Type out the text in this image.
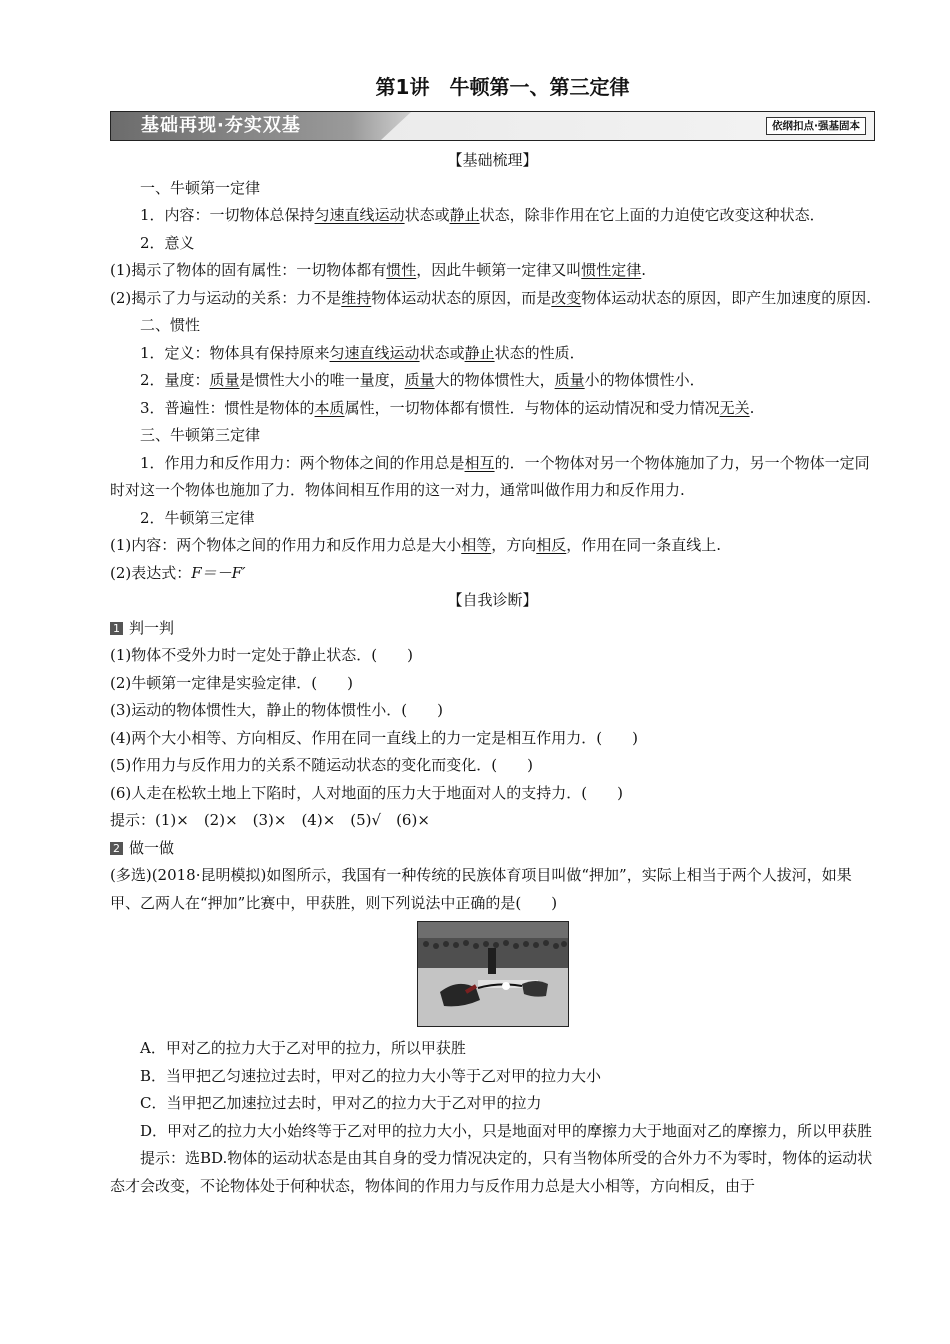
第1讲　牛顿第一、第三定律
基础再现·夯实双基	依纲扣点·强基固本

【基础梳理】

一、牛顿第一定律

1．内容：一切物体总保持匀速直线运动状态或静止状态，除非作用在它上面的力迫使它改变这种状态．

2．意义

(1)揭示了物体的固有属性：一切物体都有惯性，因此牛顿第一定律又叫惯性定律.

(2)揭示了力与运动的关系：力不是维持物体运动状态的原因，而是改变物体运动状态的原因，即产生加速度的原因.

二、惯性

1．定义：物体具有保持原来匀速直线运动状态或静止状态的性质．

2．量度：质量是惯性大小的唯一量度，质量大的物体惯性大，质量小的物体惯性小．

3．普遍性：惯性是物体的本质属性，一切物体都有惯性．与物体的运动情况和受力情况无关.

三、牛顿第三定律

1．作用力和反作用力：两个物体之间的作用总是相互的．一个物体对另一个物体施加了力，另一个物体一定同时对这一个物体也施加了力．物体间相互作用的这一对力，通常叫做作用力和反作用力.

2．牛顿第三定律

(1)内容：两个物体之间的作用力和反作用力总是大小相等，方向相反，作用在同一条直线上.

(2)表达式：F＝－F′

【自我诊断】

1 判一判

(1)物体不受外力时一定处于静止状态．(　　)

(2)牛顿第一定律是实验定律．(　　)

(3)运动的物体惯性大，静止的物体惯性小．(　　)

(4)两个大小相等、方向相反、作用在同一直线上的力一定是相互作用力．(　　)

(5)作用力与反作用力的关系不随运动状态的变化而变化．(　　)

(6)人走在松软土地上下陷时，人对地面的压力大于地面对人的支持力．(　　)

提示：(1)×　(2)×　(3)×　(4)×　(5)√　(6)×

2 做一做

(多选)(2018·昆明模拟)如图所示，我国有一种传统的民族体育项目叫做“押加”，实际上相当于两个人拔河，如果甲、乙两人在“押加”比赛中，甲获胜，则下列说法中正确的是(　　)

A．甲对乙的拉力大于乙对甲的拉力，所以甲获胜

B．当甲把乙匀速拉过去时，甲对乙的拉力大小等于乙对甲的拉力大小

C．当甲把乙加速拉过去时，甲对乙的拉力大于乙对甲的拉力

D．甲对乙的拉力大小始终等于乙对甲的拉力大小，只是地面对甲的摩擦力大于地面对乙的摩擦力，所以甲获胜

提示：选BD.物体的运动状态是由其自身的受力情况决定的，只有当物体所受的合外力不为零时，物体的运动状态才会改变，不论物体处于何种状态，物体间的作用力与反作用力总是大小相等，方向相反，由于
